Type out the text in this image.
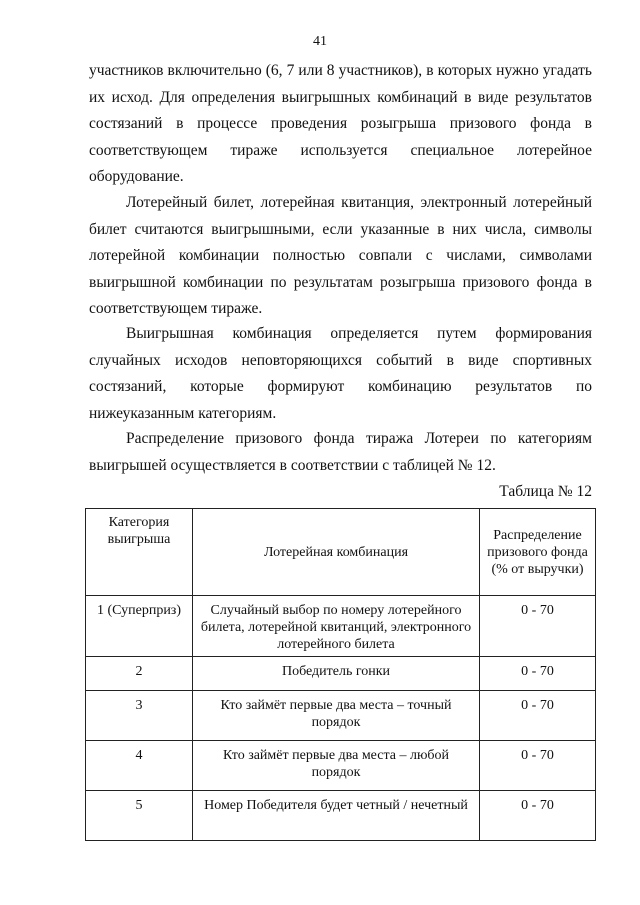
41
участников включительно (6, 7 или 8 участников), в которых нужно угадать
их исход. Для определения выигрышных комбинаций в виде результатов
состязаний в процессе проведения розыгрыша призового фонда в
соответствующем тираже используется специальное лотерейное
оборудование.
Лотерейный билет, лотерейная квитанция, электронный лотерейный
билет считаются выигрышными, если указанные в них числа, символы
лотерейной комбинации полностью совпали с числами, символами
выигрышной комбинации по результатам розыгрыша призового фонда в
соответствующем тираже.
Выигрышная комбинация определяется путем формирования
случайных исходов неповторяющихся событий в виде спортивных
состязаний, которые формируют комбинацию результатов по
нижеуказанным категориям.
Распределение призового фонда тиража Лотереи по категориям
выигрышей осуществляется в соответствии с таблицей № 12.
Таблица № 12
Категория выигрыша	Лотерейная комбинация	Распределение призового фонда (% от выручки)
1 (Суперприз)	Случайный выбор по номеру лотерейного билета, лотерейной квитанций, электронного лотерейного билета	0 - 70
2	Победитель гонки	0 - 70
3	Кто займёт первые два места – точный порядок	0 - 70
4	Кто займёт первые два места – любой порядок	0 - 70
5	Номер Победителя будет четный / нечетный	0 - 70
